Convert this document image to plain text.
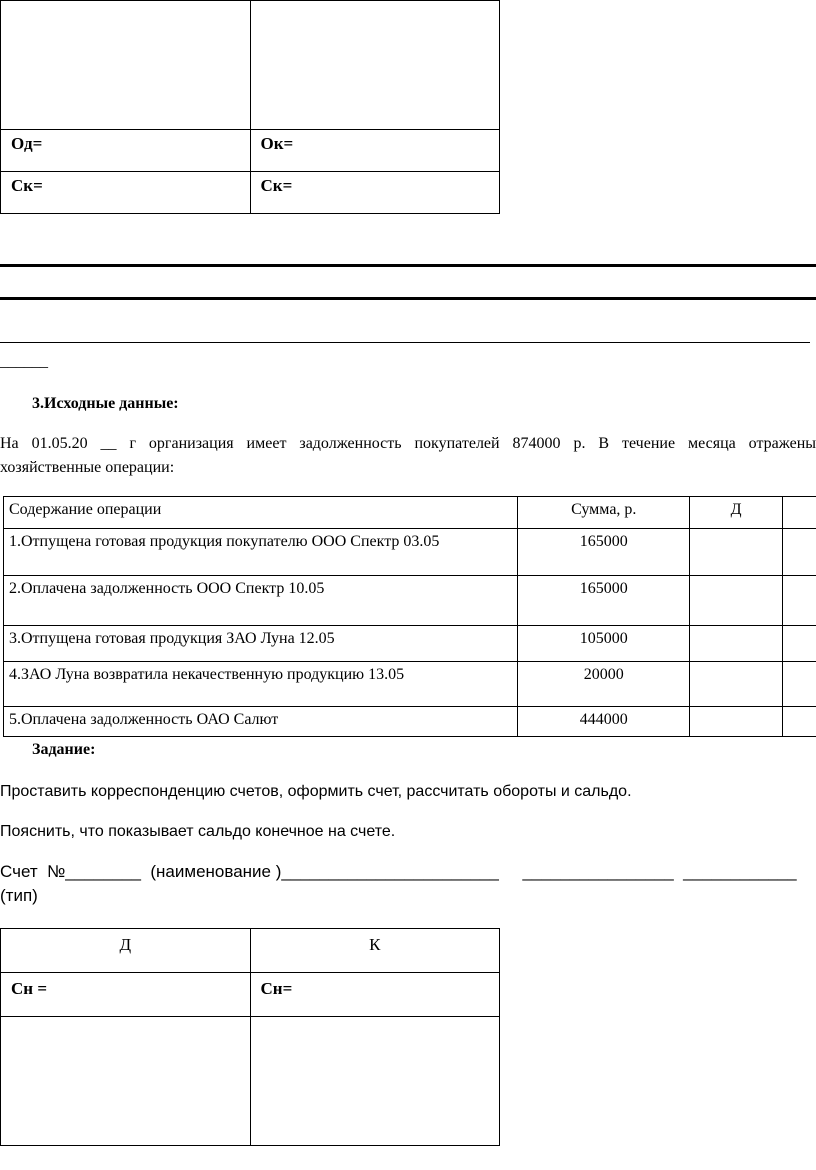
Од=	Ок=
Ск=	Ск=
______
3.Исходные данные:
На 01.05.20 __ г организация имеет задолженность покупателей 874000 р. В течение месяца отражены
хозяйственные операции:
Содержание операции	Сумма, р.	Д	
1.Отпущена готовая продукция покупателю ООО Спектр 03.05	165000		
2.Оплачена задолженность ООО Спектр 10.05	165000		
3.Отпущена готовая продукция ЗАО Луна 12.05	105000		
4.ЗАО Луна возвратила некачественную продукцию 13.05	20000		
5.Оплачена задолженность ОАО Салют	444000		
Задание:
Проставить корреспонденцию счетов, оформить счет, рассчитать обороты и сальдо.
Пояснить, что показывает сальдо конечное на счете.
Счет  №________  (наименование )_______________________     ________________  ____________
(тип)
Д	К
Сн =	Сн=
